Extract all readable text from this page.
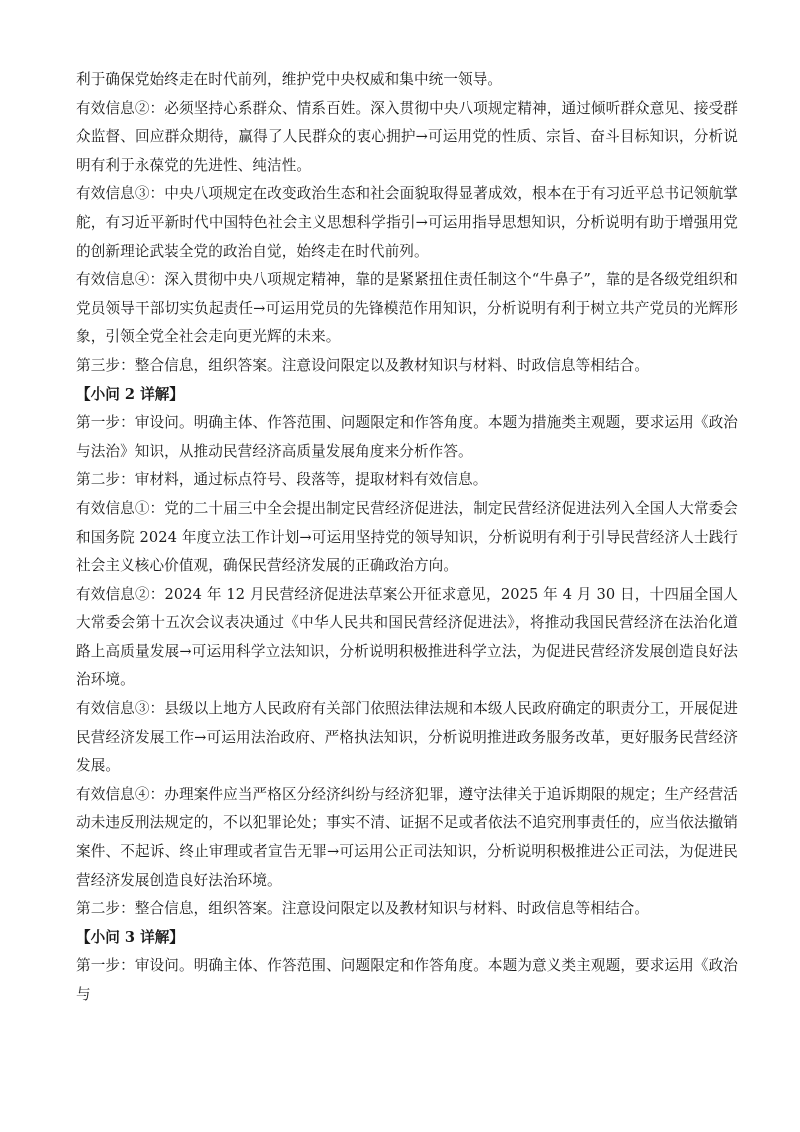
利于确保党始终走在时代前列，维护党中央权威和集中统一领导。

有效信息②：必须坚持心系群众、情系百姓。深入贯彻中央八项规定精神，通过倾听群众意见、接受群众监督、回应群众期待，赢得了人民群众的衷心拥护→可运用党的性质、宗旨、奋斗目标知识，分析说明有利于永葆党的先进性、纯洁性。

有效信息③：中央八项规定在改变政治生态和社会面貌取得显著成效，根本在于有习近平总书记领航掌舵，有习近平新时代中国特色社会主义思想科学指引→可运用指导思想知识，分析说明有助于增强用党的创新理论武装全党的政治自觉，始终走在时代前列。

有效信息④：深入贯彻中央八项规定精神，靠的是紧紧扭住责任制这个“牛鼻子”，靠的是各级党组织和党员领导干部切实负起责任→可运用党员的先锋模范作用知识，分析说明有利于树立共产党员的光辉形象，引领全党全社会走向更光辉的未来。

第三步：整合信息，组织答案。注意设问限定以及教材知识与材料、时政信息等相结合。

【小问 2 详解】

第一步：审设问。明确主体、作答范围、问题限定和作答角度。本题为措施类主观题，要求运用《政治与法治》知识，从推动民营经济高质量发展角度来分析作答。

第二步：审材料，通过标点符号、段落等，提取材料有效信息。

有效信息①：党的二十届三中全会提出制定民营经济促进法，制定民营经济促进法列入全国人大常委会和国务院 2024 年度立法工作计划→可运用坚持党的领导知识，分析说明有利于引导民营经济人士践行社会主义核心价值观，确保民营经济发展的正确政治方向。

有效信息②：2024 年 12 月民营经济促进法草案公开征求意见，2025 年 4 月 30 日，十四届全国人大常委会第十五次会议表决通过《中华人民共和国民营经济促进法》，将推动我国民营经济在法治化道路上高质量发展→可运用科学立法知识，分析说明积极推进科学立法，为促进民营经济发展创造良好法治环境。

有效信息③：县级以上地方人民政府有关部门依照法律法规和本级人民政府确定的职责分工，开展促进民营经济发展工作→可运用法治政府、严格执法知识，分析说明推进政务服务改革，更好服务民营经济发展。

有效信息④：办理案件应当严格区分经济纠纷与经济犯罪，遵守法律关于追诉期限的规定；生产经营活动未违反刑法规定的，不以犯罪论处；事实不清、证据不足或者依法不追究刑事责任的，应当依法撤销案件、不起诉、终止审理或者宣告无罪→可运用公正司法知识，分析说明积极推进公正司法，为促进民营经济发展创造良好法治环境。

第二步：整合信息，组织答案。注意设问限定以及教材知识与材料、时政信息等相结合。

【小问 3 详解】

第一步：审设问。明确主体、作答范围、问题限定和作答角度。本题为意义类主观题，要求运用《政治与
